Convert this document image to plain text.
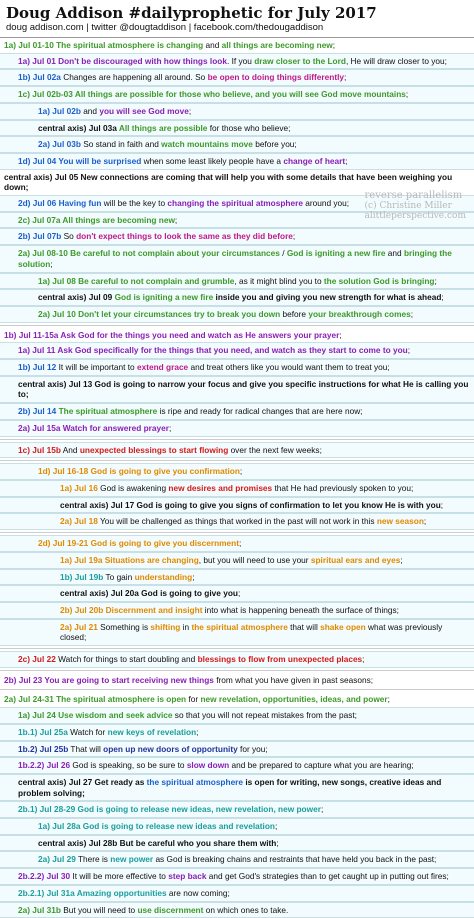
Doug Addison #dailyprophetic for July 2017
doug addison.com | twitter @dougtaddison | facebook.com/thedougaddison
reverse parallelism
(c) Christine Miller
alittleperspective.com
1a) Jul 01-10 The spiritual atmosphere is changing and all things are becoming new;
1a) Jul 01 Don't be discouraged with how things look. If you draw closer to the Lord, He will draw closer to you;
1b) Jul 02a Changes are happening all around. So be open to doing things differently;
1c) Jul 02b-03 All things are possible for those who believe, and you will see God move mountains;
1a) Jul 02b and you will see God move;
central axis) Jul 03a All things are possible for those who believe;
2a) Jul 03b So stand in faith and watch mountains move before you;
1d) Jul 04 You will be surprised when some least likely people have a change of heart;
central axis) Jul 05 New connections are coming that will help you with some details that have been weighing you down;
2d) Jul 06 Having fun will be the key to changing the spiritual atmosphere around you;
2c) Jul 07a All things are becoming new;
2b) Jul 07b So don't expect things to look the same as they did before;
2a) Jul 08-10 Be careful to not complain about your circumstances / God is igniting a new fire and bringing the solution;
1a) Jul 08 Be careful to not complain and grumble, as it might blind you to the solution God is bringing;
central axis) Jul 09 God is igniting a new fire inside you and giving you new strength for what is ahead;
2a) Jul 10 Don't let your circumstances try to break you down before your breakthrough comes;
1b) Jul 11-15a Ask God for the things you need and watch as He answers your prayer;
1a) Jul 11 Ask God specifically for the things that you need, and watch as they start to come to you;
1b) Jul 12 It will be important to extend grace and treat others like you would want them to treat you;
central axis) Jul 13 God is going to narrow your focus and give you specific instructions for what He is calling you to;
2b) Jul 14 The spiritual atmosphere is ripe and ready for radical changes that are here now;
2a) Jul 15a Watch for answered prayer;
1c) Jul 15b And unexpected blessings to start flowing over the next few weeks;
1d) Jul 16-18 God is going to give you confirmation;
1a) Jul 16 God is awakening new desires and promises that He had previously spoken to you;
central axis) Jul 17 God is going to give you signs of confirmation to let you know He is with you;
2a) Jul 18 You will be challenged as things that worked in the past will not work in this new season;
2d) Jul 19-21 God is going to give you discernment;
1a) Jul 19a Situations are changing, but you will need to use your spiritual ears and eyes;
1b) Jul 19b To gain understanding;
central axis) Jul 20a God is going to give you;
2b) Jul 20b Discernment and insight into what is happening beneath the surface of things;
2a) Jul 21 Something is shifting in the spiritual atmosphere that will shake open what was previously closed;
2c) Jul 22 Watch for things to start doubling and blessings to flow from unexpected places;
2b) Jul 23 You are going to start receiving new things from what you have given in past seasons;
2a) Jul 24-31 The spiritual atmosphere is open for new revelation, opportunities, ideas, and power;
1a) Jul 24 Use wisdom and seek advice so that you will not repeat mistakes from the past;
1b.1) Jul 25a Watch for new keys of revelation;
1b.2) Jul 25b That will open up new doors of opportunity for you;
1b.2.2) Jul 26 God is speaking, so be sure to slow down and be prepared to capture what you are hearing;
central axis) Jul 27 Get ready as the spiritual atmosphere is open for writing, new songs, creative ideas and problem solving;
2b.1) Jul 28-29 God is going to release new ideas, new revelation, new power;
1a) Jul 28a God is going to release new ideas and revelation;
central axis) Jul 28b But be careful who you share them with;
2a) Jul 29 There is new power as God is breaking chains and restraints that have held you back in the past;
2b.2.2) Jul 30 It will be more effective to step back and get God's strategies than to get caught up in putting out fires;
2b.2.1) Jul 31a Amazing opportunities are now coming;
2a) Jul 31b But you will need to use discernment on which ones to take.
